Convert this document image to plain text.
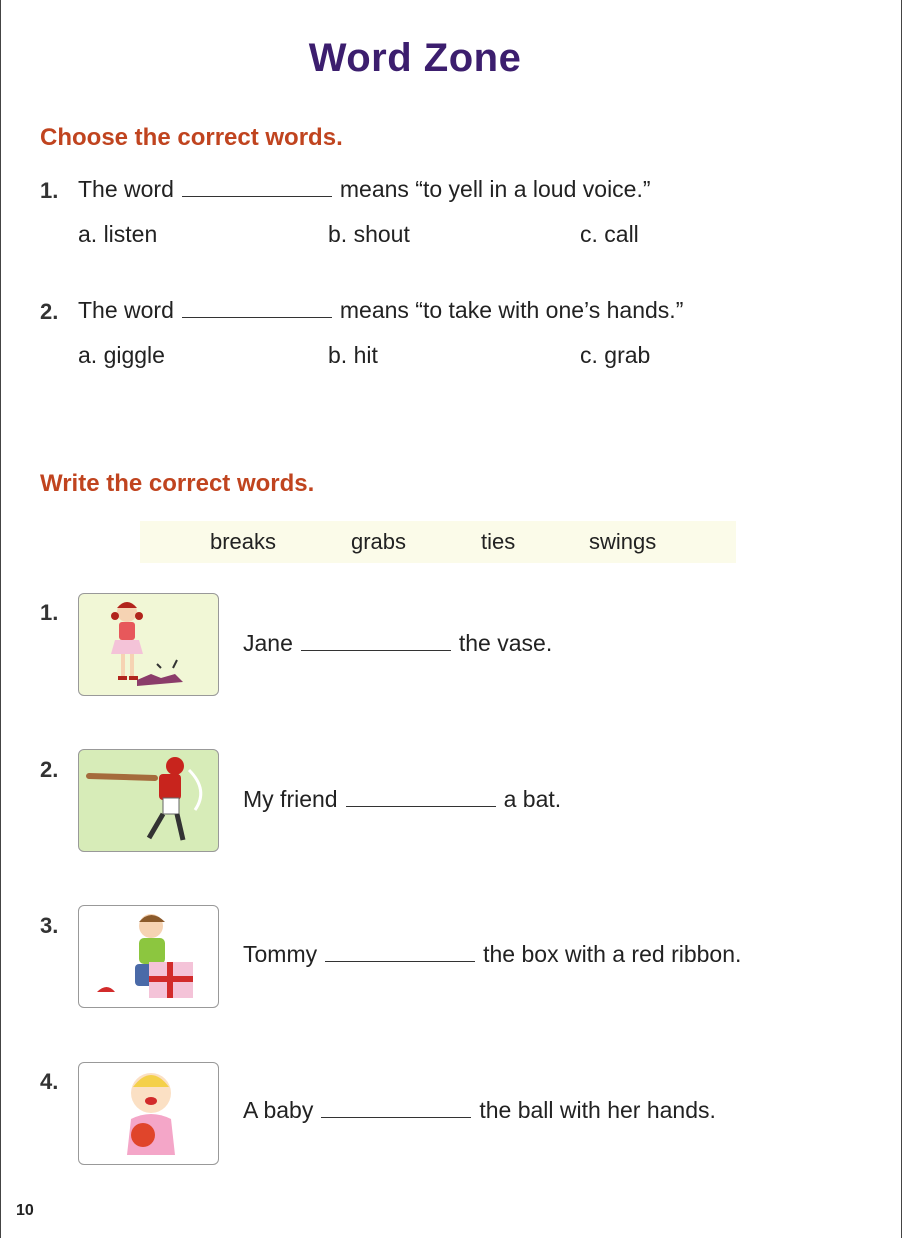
Word Zone
Choose the correct words.
1. The word	means “to yell in a loud voice.”
a. listen	b. shout	c. call
2. The word	means “to take with one’s hands.”
a. giggle	b. hit	c. grab
Write the correct words.
breaks	grabs	ties	swings
1.
Jane	the vase.
2.
My friend	a bat.
3.
Tommy	the box with a red ribbon.
4.
A baby	the ball with her hands.
10
